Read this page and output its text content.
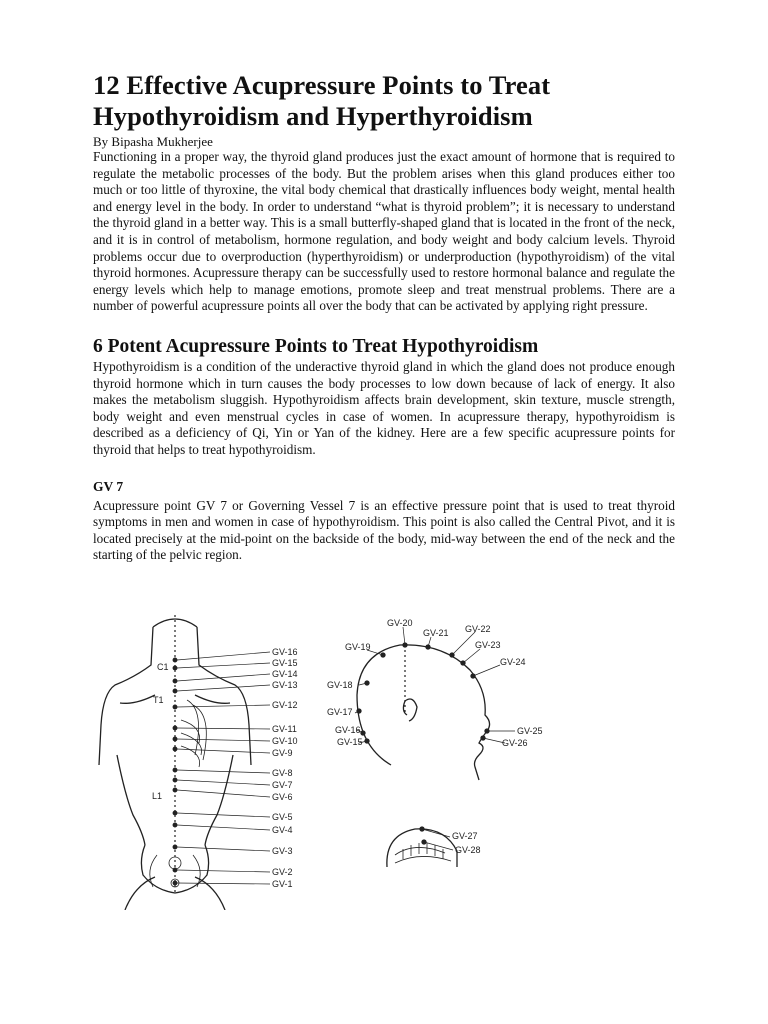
12 Effective Acupressure Points to Treat Hypothyroidism and Hyperthyroidism
By Bipasha Mukherjee

Functioning in a proper way, the thyroid gland produces just the exact amount of hormone that is required to regulate the metabolic processes of the body. But the problem arises when this gland produces either too much or too little of thyroxine, the vital body chemical that drastically influences body weight, mental health and energy level in the body. In order to understand “what is thyroid problem”; it is necessary to understand the thyroid gland in a better way. This is a small butterfly-shaped gland that is located in the front of the neck, and it is in control of metabolism, hormone regulation, and body weight and body calcium levels. Thyroid problems occur due to overproduction (hyperthyroidism) or underproduction (hypothyroidism) of the vital thyroid hormones. Acupressure therapy can be successfully used to restore hormonal balance and regulate the energy levels which help to manage emotions, promote sleep and treat menstrual problems. There are a number of powerful acupressure points all over the body that can be activated by applying right pressure.

6 Potent Acupressure Points to Treat Hypothyroidism

Hypothyroidism is a condition of the underactive thyroid gland in which the gland does not produce enough thyroid hormone which in turn causes the body processes to low down because of lack of energy. It also makes the metabolism sluggish. Hypothyroidism affects brain development, skin texture, muscle strength, body weight and even menstrual cycles in case of women. In acupressure therapy, hypothyroidism is described as a deficiency of Qi, Yin or Yan of the kidney. Here are a few specific acupressure points for thyroid that helps to treat hypothyroidism.

GV 7

Acupressure point GV 7 or Governing Vessel 7 is an effective pressure point that is used to treat thyroid symptoms in men and women in case of hypothyroidism. This point is also called the Central Pivot, and it is located precisely at the mid-point on the backside of the body, mid-way between the end of the neck and the starting of the pelvic region.

C1
T1
L1
GV-16
GV-15
GV-14
GV-13
GV-12
GV-11
GV-10
GV-9
GV-8
GV-7
GV-6
GV-5
GV-4
GV-3
GV-2
GV-1
GV-20
GV-21 GV-22
GV-23
GV-24
GV-19
GV-18
GV-17
GV-16
GV-15
GV-25
GV-26
GV-27
GV-28
